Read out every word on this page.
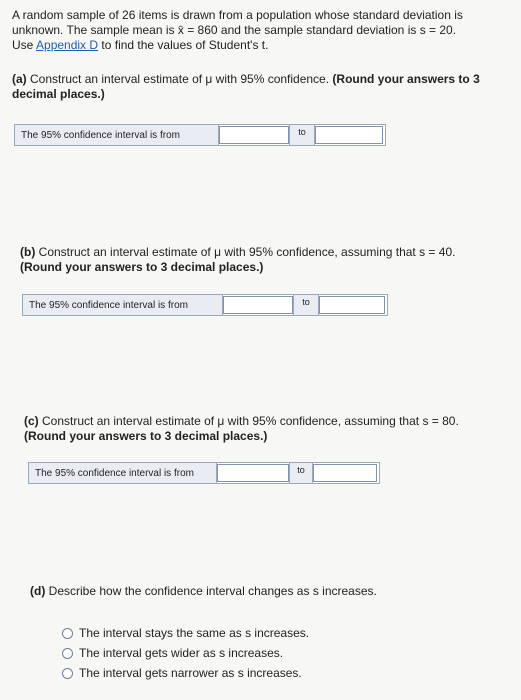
A random sample of 26 items is drawn from a population whose standard deviation is
unknown. The sample mean is x̄ = 860 and the sample standard deviation is s = 20.
Use Appendix D to find the values of Student's t.
(a) Construct an interval estimate of μ with 95% confidence. (Round your answers to 3 decimal places.)
The 95% confidence interval is from	to
(b) Construct an interval estimate of μ with 95% confidence, assuming that s = 40.
(Round your answers to 3 decimal places.)
The 95% confidence interval is from	to
(c) Construct an interval estimate of μ with 95% confidence, assuming that s = 80.
(Round your answers to 3 decimal places.)
The 95% confidence interval is from	to
(d) Describe how the confidence interval changes as s increases.
The interval stays the same as s increases.
The interval gets wider as s increases.
The interval gets narrower as s increases.
